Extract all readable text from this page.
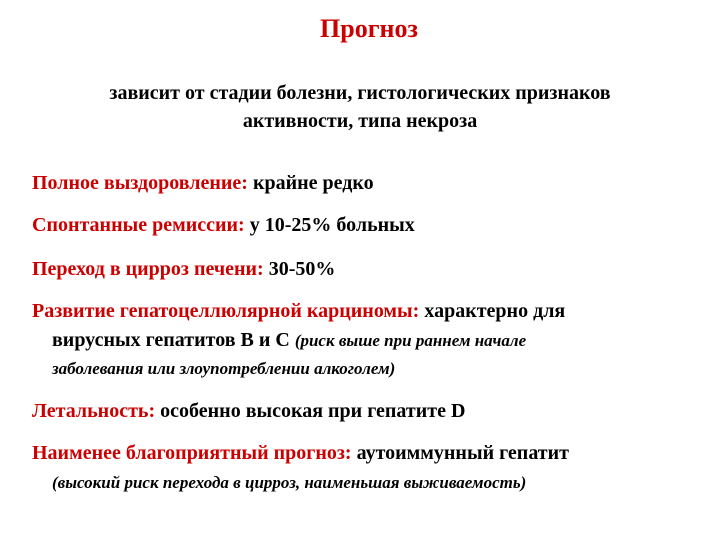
Прогноз
зависит от стадии болезни, гистологических признаков
активности, типа некроза
Полное выздоровление: крайне редко
Спонтанные ремиссии: у 10-25% больных
Переход в цирроз печени: 30-50%
Развитие гепатоцеллюлярной карциномы: характерно для
вирусных гепатитов В и С (риск выше при раннем начале
заболевания или злоупотреблении алкоголем)
Летальность: особенно высокая при гепатите D
Наименее благоприятный прогноз: аутоиммунный гепатит
(высокий риск перехода в цирроз, наименьшая выживаемость)
